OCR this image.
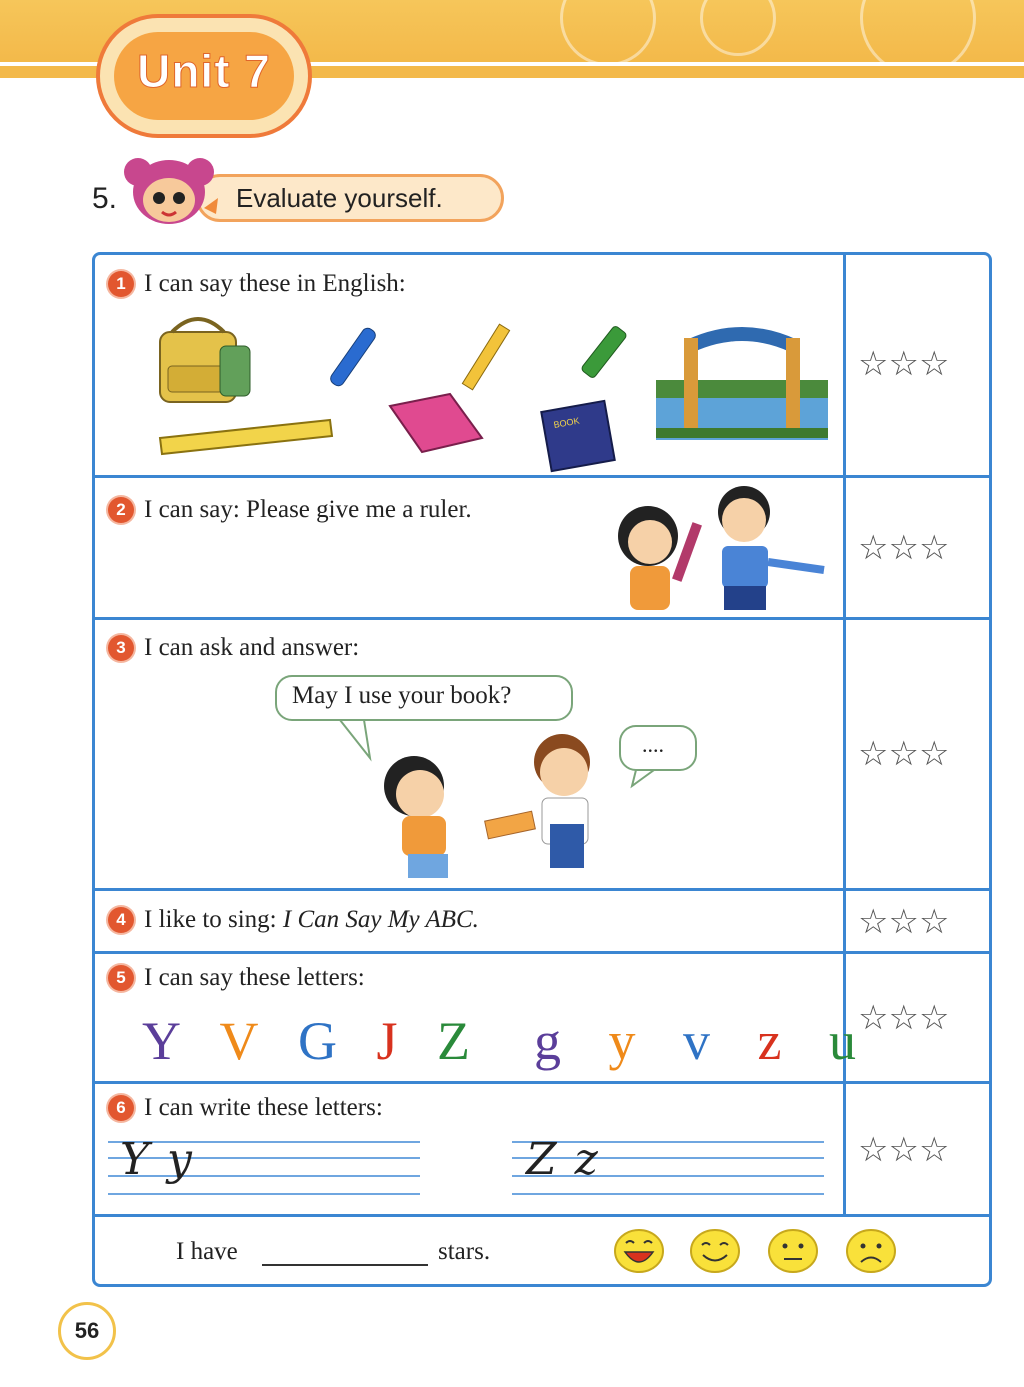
Unit 7
5.	Evaluate yourself.
1 I can say these in English:
BOOK
ZOO	☆☆☆
2 I can say: Please give me a ruler.
☆☆☆
3 I can ask and answer:
May I use your book?
....	☆☆☆
4 I like to sing: I Can Say My ABC.	☆☆☆
5 I can say these letters:
Y V G J Z g y v z u ☆☆☆
6 I can write these letters:
Yy	Zz	☆☆☆
I have	stars.
56
